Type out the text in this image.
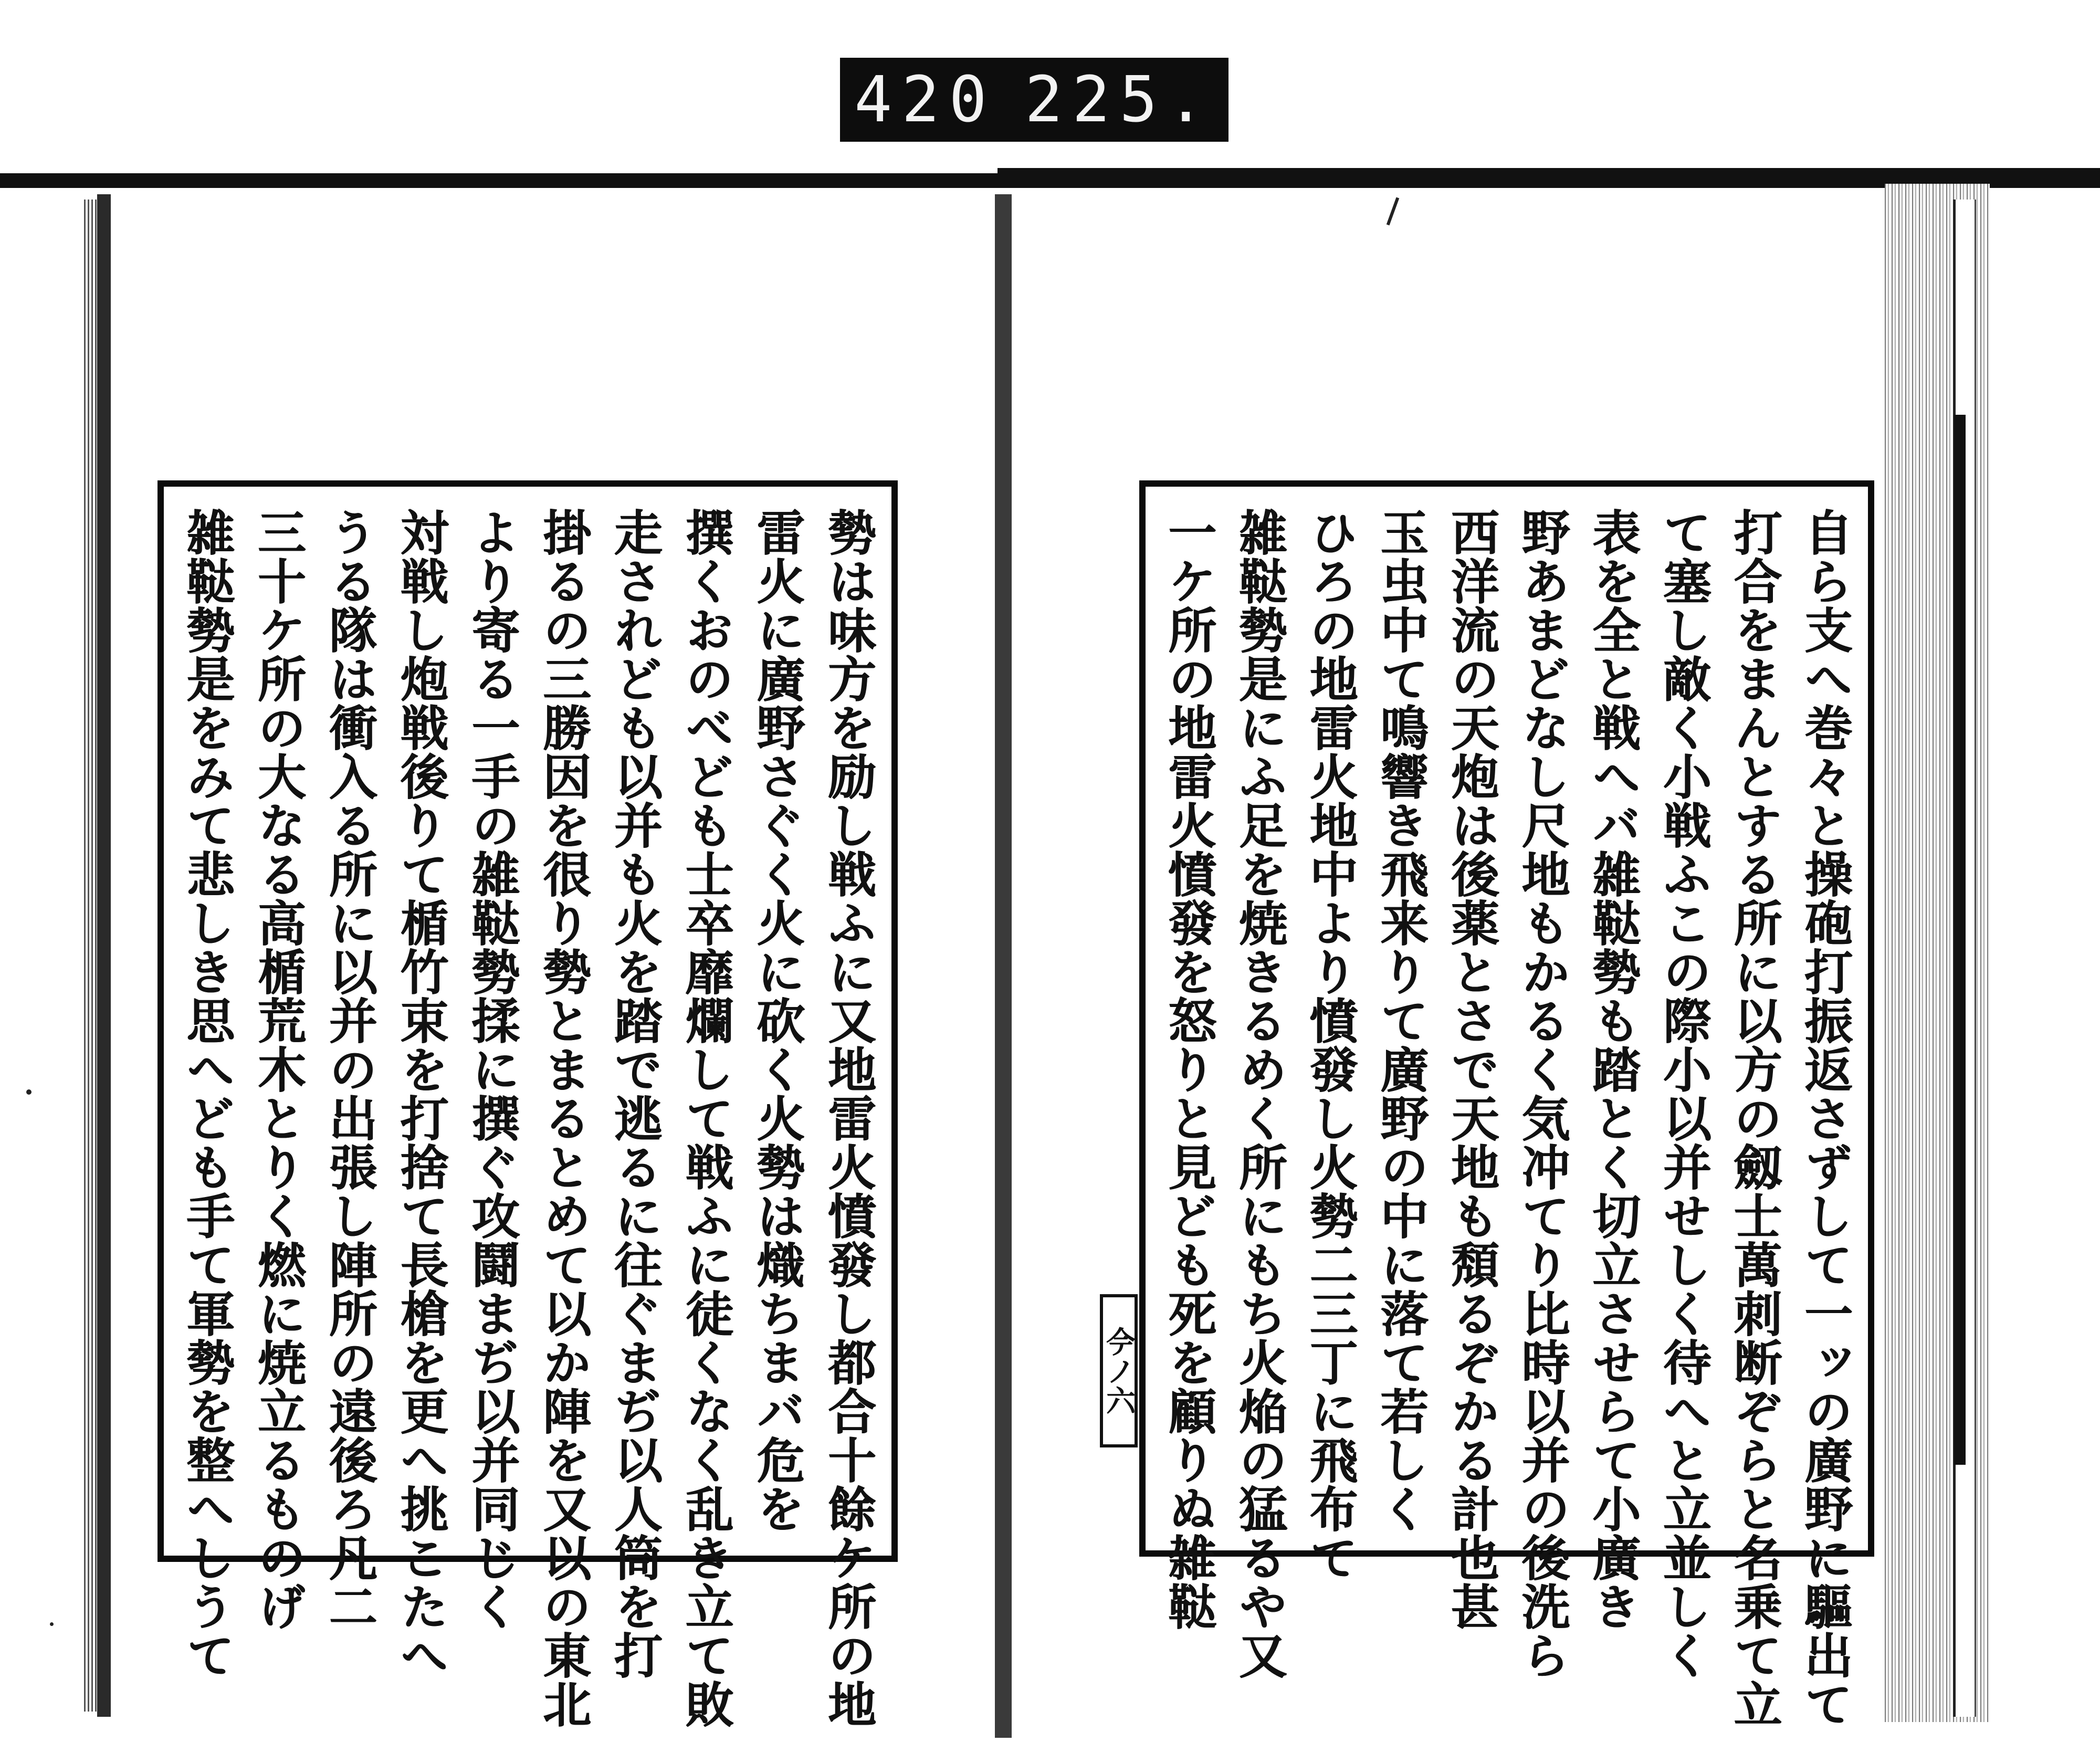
420 225.
勢は味方を励し戦ふに又地雷火憤發し都合十餘ケ所の地
雷火に廣野さぐく火に砍く火勢は熾ちまバ危を
撰くおのべども士卒靡爛して戦ふに徒くなく乱き立て敗
走されども以并も火を踏で逃るに往ぐまぢ以人筒を打
掛るの三勝因を很り勢とまるとめて以か陣を又以の東北
より寄る一手の雑鞑勢揉に撰ぐ攻鬪まぢ以并同じく
対戦し炮戦後りて楯竹束を打捨て長槍を更へ挑こたへ
うる隊は衝入る所に以并の出張し陣所の遠後ろ凡二
三十ケ所の大なる高楯荒木とりく燃に焼立るものげ
雑鞑勢是をみて悲しき思へども手て軍勢を整へしうて	自ら支へ巻々と操砲打振返さずして一ッの廣野に驅出て
打合をまんとする所に以方の劔士萬刺断ぞらと名乗て立
て塞し敵く小戦ふこの際小以并せしく待へと立並しく
表を全と戦へバ雑鞑勢も踏とく切立させらて小廣き
野あまどなし尺地もかるく気冲てり比時以并の後洗ら
西洋流の天炮は後薬とさで天地も頽るぞかる計也甚
玉虫中て鳴響き飛来りて廣野の中に落て若しく
ひろの地雷火地中より憤發し火勢二三丁に飛布て
雑鞑勢是にふ足を焼きるめく所にもち火焔の猛るや又
一ケ所の地雷火憤發を怒りと見ども死を顧りぬ雑鞑
𫝆ノ六
